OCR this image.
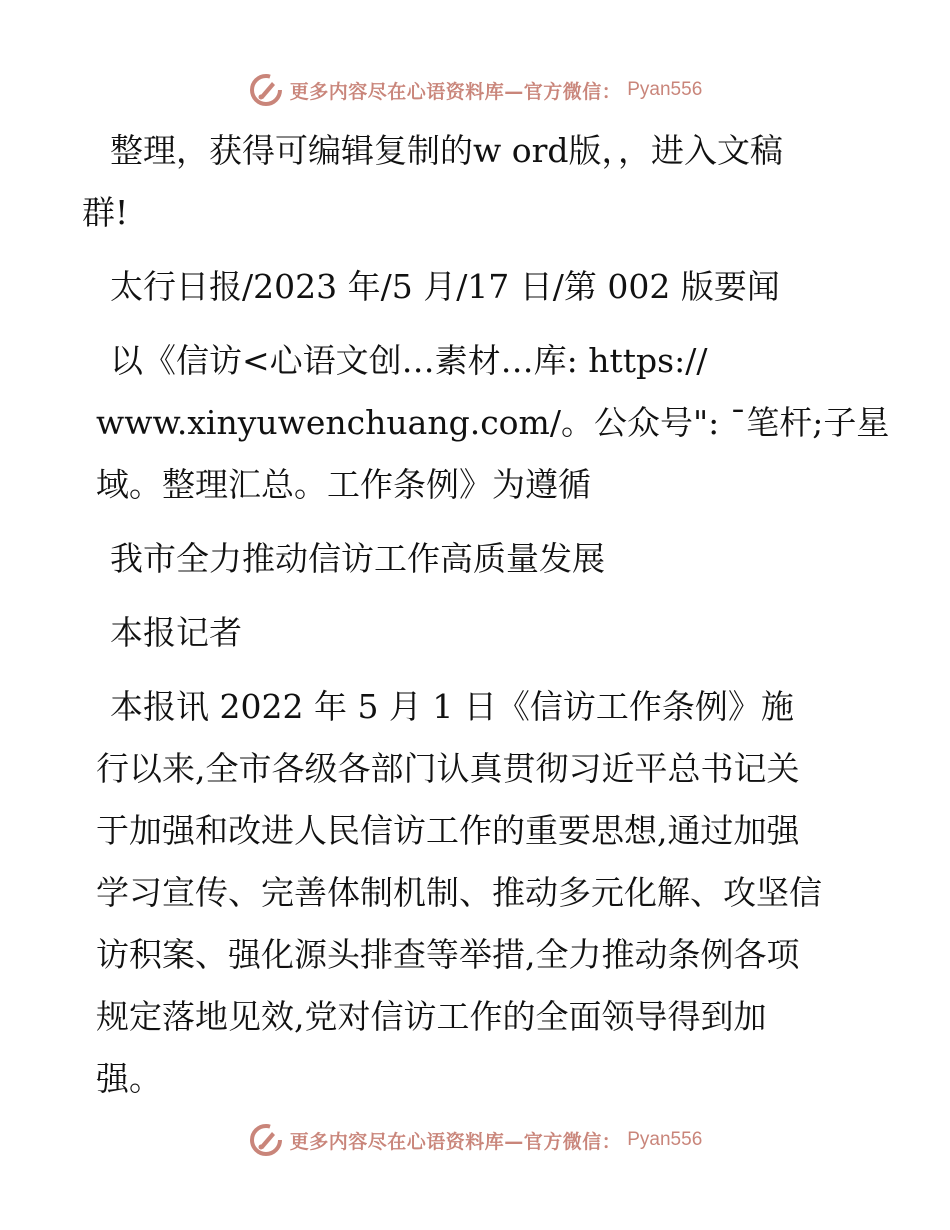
更多内容尽在心语资料库—官方微信： Pyan556

整理，获得可编辑复制的w ord版，，进入文稿
群!

太行日报/2023 年/5 月/17 日/第 002 版要闻

以《信访<心语文创…素材…库: https://
www.xinyuwenchuang.com/。公众号": ¯笔杆;子星
域。整理汇总。工作条例》为遵循

我市全力推动信访工作高质量发展

本报记者

本报讯 2022 年 5 月 1 日《信访工作条例》施
行以来,全市各级各部门认真贯彻习近平总书记关
于加强和改进人民信访工作的重要思想,通过加强
学习宣传、完善体制机制、推动多元化解、攻坚信
访积案、强化源头排查等举措,全力推动条例各项
规定落地见效,党对信访工作的全面领导得到加
强。

更多内容尽在心语资料库—官方微信： Pyan556
